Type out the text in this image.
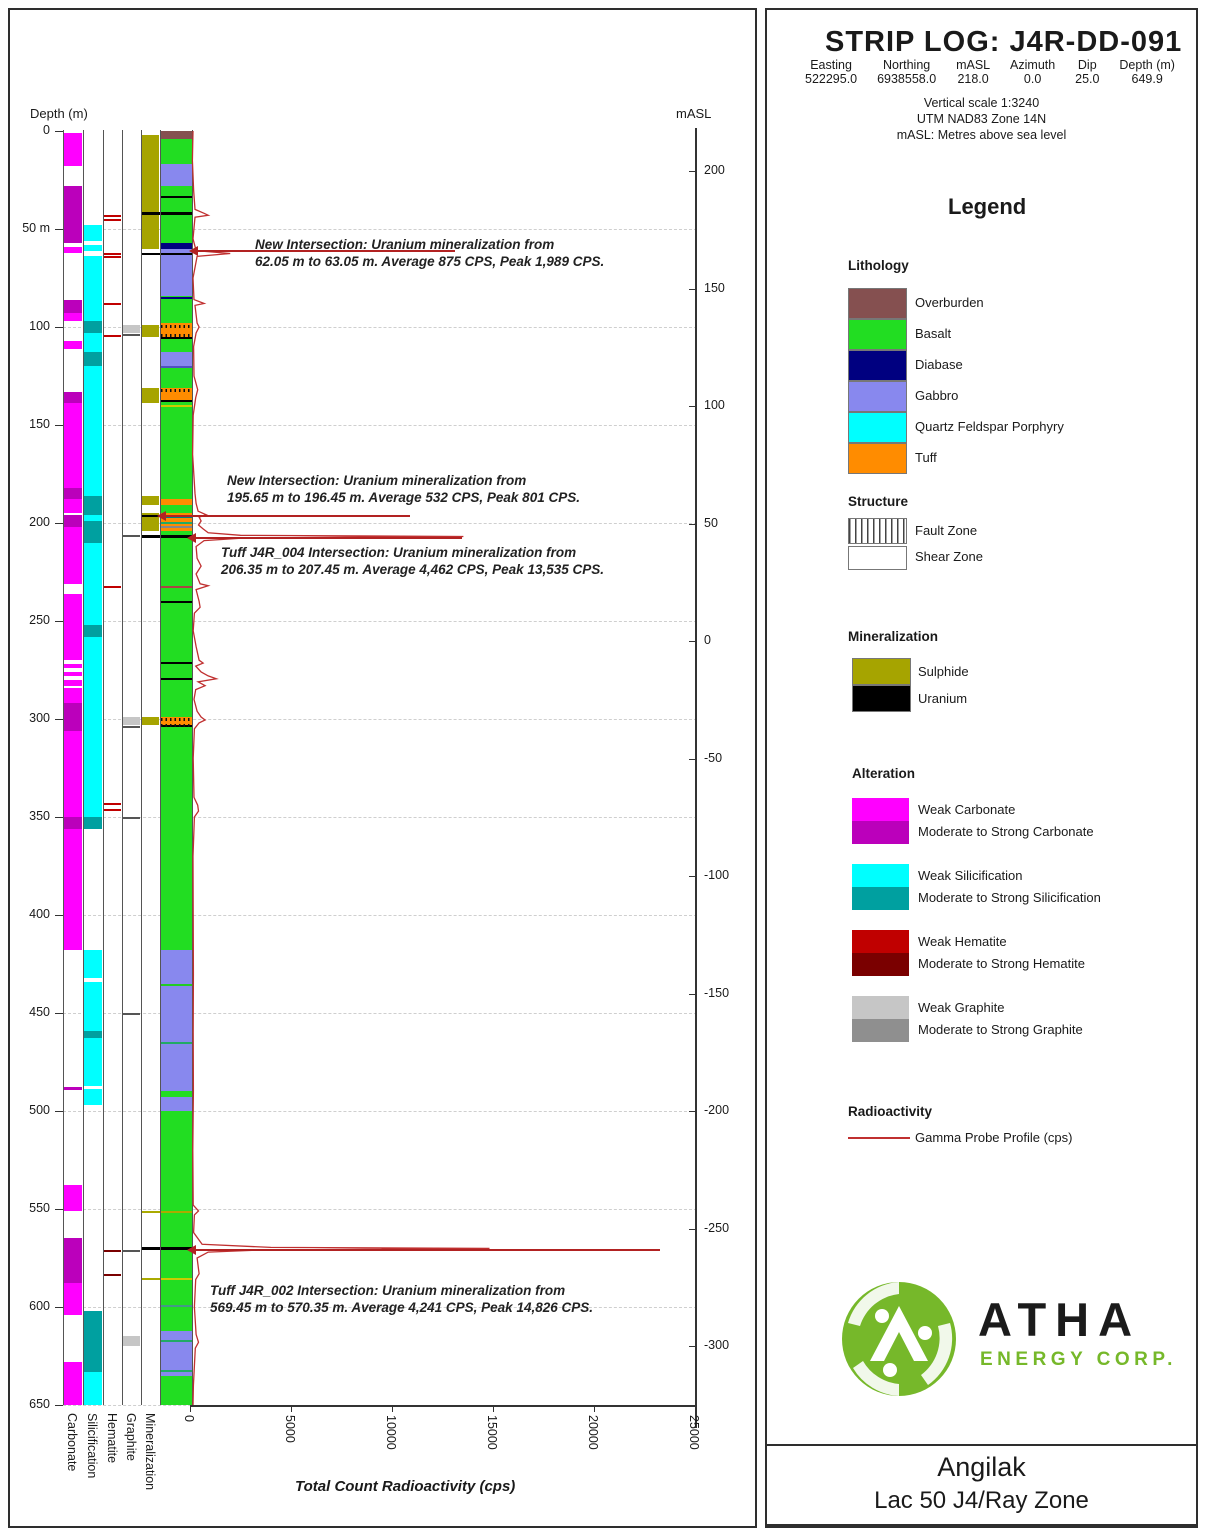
STRIP LOG: J4R-DD-091
Easting
522295.0
Northing
6938558.0
mASL
218.0
Azimuth
0.0
Dip
25.0
Depth (m)
649.9
Vertical scale 1:3240
UTM NAD83 Zone 14N
mASL: Metres above sea level
Legend
Lithology
Overburden
Basalt
Diabase
Gabbro
Quartz Feldspar Porphyry
Tuff
Structure
Fault Zone
Shear Zone
Mineralization
Sulphide
Uranium
Alteration
Weak Carbonate
Moderate to Strong Carbonate
Weak Silicification
Moderate to Strong Silicification
Weak Hematite
Moderate to Strong Hematite
Weak Graphite
Moderate to Strong Graphite
Radioactivity
Gamma Probe Profile (cps)
ATHA
ENERGY CORP.
Angilak
Lac 50 J4/Ray Zone
Depth (m)	mASL
Total Count Radioactivity (cps)
New Intersection: Uranium mineralization from
62.05 m to 63.05 m. Average 875 CPS, Peak 1,989 CPS.
New Intersection: Uranium mineralization from
195.65 m to 196.45 m. Average 532 CPS, Peak 801 CPS.
Tuff J4R_004 Intersection: Uranium mineralization from
206.35 m to 207.45 m. Average 4,462 CPS, Peak 13,535 CPS.
Tuff J4R_002 Intersection: Uranium mineralization from
569.45 m to 570.35 m. Average 4,241 CPS, Peak 14,826 CPS.
0
50 m
100
150
200
250
300
350
400
450
500
550
600
650
200
150
100
50
0
-50
-100
-150
-200
-250
-300
0	5000	10000	15000	20000	25000
Carbonate Silicification Hematite Graphite Mineralization
